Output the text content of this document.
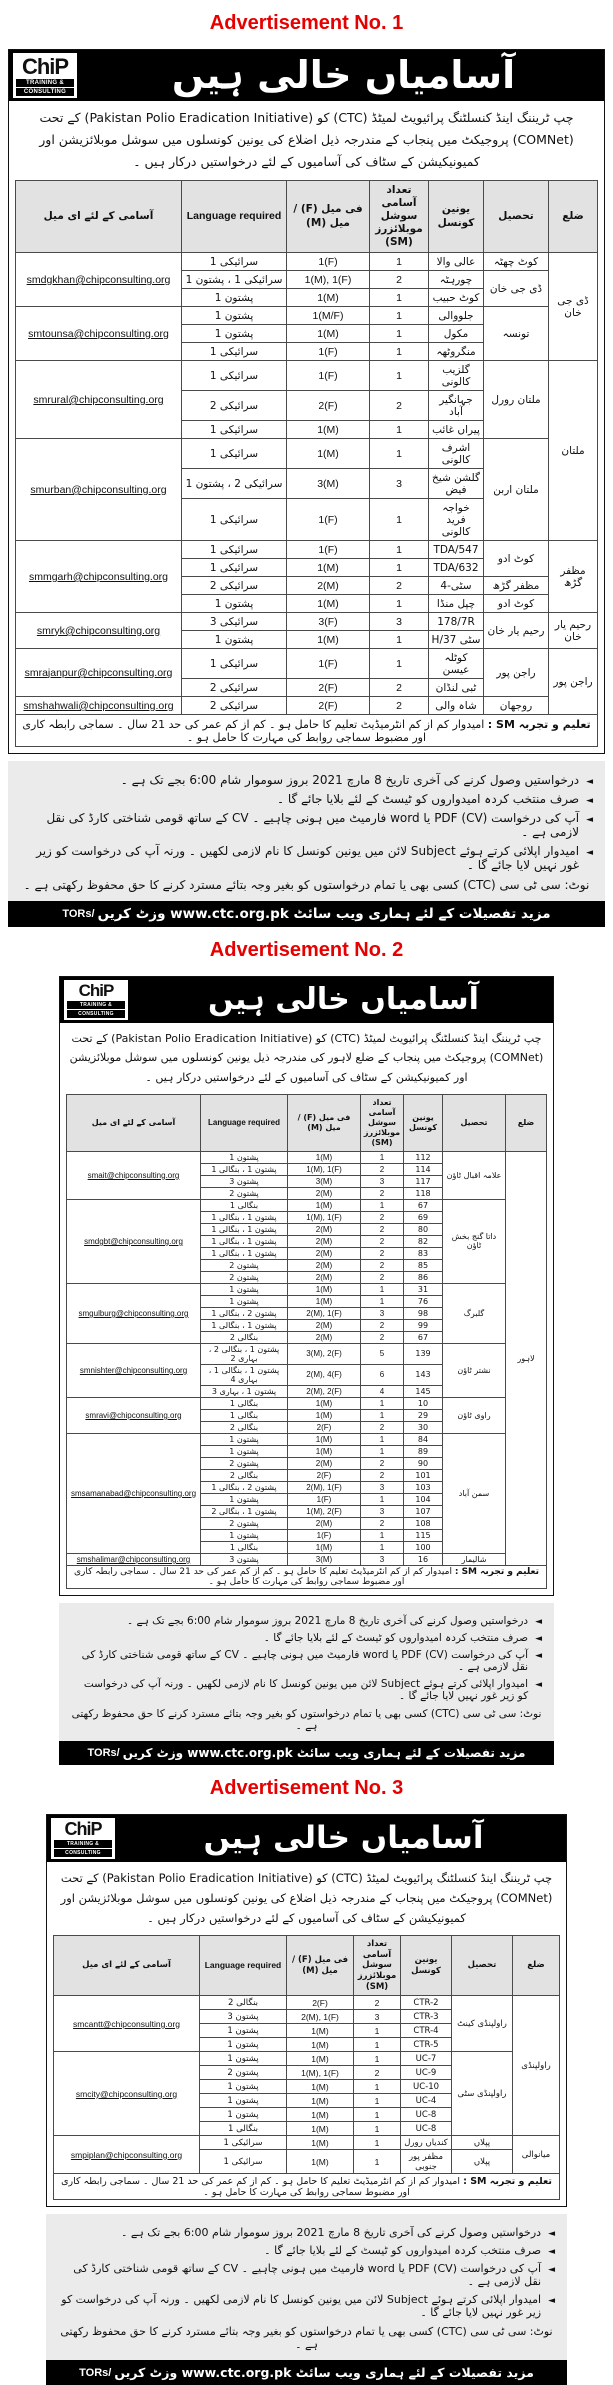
Advertisement No. 1
ChiP
TRAINING &
CONSULTING	آسامیاں خالی ہیں
چپ ٹریننگ اینڈ کنسلٹنگ پرائیویٹ لمیٹڈ (CTC) کو (Pakistan Polio Eradication Initiative) کے تحت (COMNet) پروجیکٹ میں پنجاب کے مندرجہ ذیل اضلاع کی یونین کونسلوں میں سوشل موبلائزیشن اور کمیونیکیشن کے سٹاف کی آسامیوں کے لئے درخواستیں درکار ہیں ۔
ضلع	تحصیل	یونین کونسل	تعداد آسامی سوشل موبلائزرز (SM)	فی میل (F) / میل (M)	Language required	آسامی کے لئے ای میل
ڈی جی خان	کوٹ چھٹہ	عالی والا	1	1(F)	سرائیکی 1	smdgkhan@chipconsulting.org
	ڈی جی خان	چورہٹہ	2	1(M), 1(F)	سرائیکی 1 ، پشتون 1	
		کوٹ حبیب	1	1(M)	پشتون 1	
	تونسہ	جلووالی	1	1(M/F)	پشتون 1	smtounsa@chipconsulting.org
		مکول	1	1(M)	پشتون 1	
		منگروٹھہ	1	1(F)	سرائیکی 1	
ملتان	ملتان رورل	گلزیب کالونی	1	1(F)	سرائیکی 1	smrural@chipconsulting.org
		جہانگیر آباد	2	2(F)	سرائیکی 2	
		پیراں غائب	1	1(M)	سرائیکی 1	
	ملتان اربن	اشرف کالونی	1	1(M)	سرائیکی 1	smurban@chipconsulting.org
		گلشن شیخ فیض	3	3(M)	سرائیکی 2 ، پشتون 1	
		خواجہ فرید کالونی	1	1(F)	سرائیکی 1	
مظفر گڑھ	کوٹ ادو	547/TDA	1	1(F)	سرائیکی 1	smmgarh@chipconsulting.org
		632/TDA	1	1(M)	سرائیکی 1	
	مظفر گڑھ	سٹی-4	2	2(M)	سرائیکی 2	
	کوٹ ادو	چپل منڈا	1	1(M)	پشتون 1	
رحیم یار خان	رحیم یار خان	178/7R	3	3(F)	سرائیکی 3	smryk@chipconsulting.org
		سٹی 37/H	1	1(M)	پشتون 1	
راجن پور	راجن پور	کوٹلہ عیسن	1	1(F)	سرائیکی 1	smrajanpur@chipconsulting.org
		ٹبی لنڈان	2	2(F)	سرائیکی 2	
	روجھان	شاہ والی	2	2(F)	سرائیکی 2	smshahwali@chipconsulting.org
تعلیم و تجربہ SM : امیدوار کم از کم انٹرمیڈیٹ تعلیم کا حامل ہو ۔ کم از کم عمر کی حد 21 سال ۔ سماجی رابطہ کاری اور مضبوط سماجی روابط کی مہارت کا حامل ہو ۔						
◄
درخواستیں وصول کرنے کی آخری تاریخ 8 مارچ 2021 بروز سوموار شام 6:00 بجے تک ہے ۔
◄
صرف منتخب کردہ امیدواروں کو ٹیسٹ کے لئے بلایا جائے گا ۔
◄
آپ کی درخواست (CV) PDF یا word فارمیٹ میں ہونی چاہیے ۔ CV کے ساتھ قومی شناختی کارڈ کی نقل لازمی ہے ۔
◄
امیدوار اپلائی کرتے ہوئے Subject لائن میں یونین کونسل کا نام لازمی لکھیں ۔ ورنہ آپ کی درخواست کو زیر غور نہیں لایا جائے گا ۔
نوٹ: سی ٹی سی (CTC) کسی بھی یا تمام درخواستوں کو بغیر وجہ بتائے مسترد کرنے کا حق محفوظ رکھتی ہے ۔
TORs/ مزید تفصیلات کے لئے ہماری ویب سائٹ www.ctc.org.pk وزٹ کریں
Advertisement No. 2
ChiP
TRAINING &
CONSULTING	آسامیاں خالی ہیں
چپ ٹریننگ اینڈ کنسلٹنگ پرائیویٹ لمیٹڈ (CTC) کو (Pakistan Polio Eradication Initiative) کے تحت (COMNet) پروجیکٹ میں پنجاب کے ضلع لاہور کی مندرجہ ذیل یونین کونسلوں میں سوشل موبلائزیشن اور کمیونیکیشن کے سٹاف کی آسامیوں کے لئے درخواستیں درکار ہیں ۔
ضلع	تحصیل	یونین کونسل	تعداد آسامی سوشل موبلائزرز (SM)	فی میل (F) / میل (M)	Language required	آسامی کے لئے ای میل
لاہور	علامہ اقبال ٹاؤن	112	1	1(M)	پشتون 1	smait@chipconsulting.org
		114	2	1(M), 1(F)	پشتون 1 ، بنگالی 1	
		117	3	3(M)	پشتون 3	
		118	2	2(M)	پشتون 2	
	داتا گنج بخش ٹاؤن	67	1	1(M)	بنگالی 1	smdgbt@chipconsulting.org
		69	2	1(M), 1(F)	پشتون 1 ، بنگالی 1	
		80	2	2(M)	پشتون 1 ، بنگالی 1	
		82	2	2(M)	پشتون 1 ، بنگالی 1	
		83	2	2(M)	پشتون 1 ، بنگالی 1	
		85	2	2(M)	پشتون 2	
		86	2	2(M)	پشتون 2	
	گلبرگ	31	1	1(M)	پشتون 1	smgulburg@chipconsulting.org
		76	1	1(M)	پشتون 1	
		98	3	2(M), 1(F)	پشتون 2 ، بنگالی 1	
		99	2	2(M)	پشتون 1 ، بنگالی 1	
		67	2	2(M)	بنگالی 2	
	نشتر ٹاؤن	139	5	3(M), 2(F)	پشتون 1 ، بنگالی 2 ، بہاری 2	smnishter@chipconsulting.org
		143	6	2(M), 4(F)	پشتون 1 ، بنگالی 1 ، بہاری 4	
		145	4	2(M), 2(F)	پشتون 1 ، بہاری 3	
	راوی ٹاؤن	10	1	1(M)	بنگالی 1	smravi@chipconsulting.org
		29	1	1(M)	بنگالی 1	
		30	2	2(F)	بنگالی 2	
	سمن آباد	84	1	1(M)	پشتون 1	smsamanabad@chipconsulting.org
		89	1	1(M)	پشتون 1	
		90	2	2(M)	پشتون 2	
		101	2	2(F)	بنگالی 2	
		103	3	2(M), 1(F)	پشتون 2 ، بنگالی 1	
		104	1	1(F)	پشتون 1	
		107	3	1(M), 2(F)	پشتون 1 ، بنگالی 2	
		108	2	2(M)	پشتون 2	
		115	1	1(F)	پشتون 1	
		100	1	1(M)	بنگالی 1	
	شالیمار	16	3	3(M)	پشتون 3	smshalimar@chipconsulting.org
تعلیم و تجربہ SM : امیدوار کم از کم انٹرمیڈیٹ تعلیم کا حامل ہو ۔ کم از کم عمر کی حد 21 سال ۔ سماجی رابطہ کاری اور مضبوط سماجی روابط کی مہارت کا حامل ہو ۔						
◄
درخواستیں وصول کرنے کی آخری تاریخ 8 مارچ 2021 بروز سوموار شام 6:00 بجے تک ہے ۔
◄
صرف منتخب کردہ امیدواروں کو ٹیسٹ کے لئے بلایا جائے گا ۔
◄
آپ کی درخواست (CV) PDF یا word فارمیٹ میں ہونی چاہیے ۔ CV کے ساتھ قومی شناختی کارڈ کی نقل لازمی ہے ۔
◄
امیدوار اپلائی کرتے ہوئے Subject لائن میں یونین کونسل کا نام لازمی لکھیں ۔ ورنہ آپ کی درخواست کو زیر غور نہیں لایا جائے گا ۔
نوٹ: سی ٹی سی (CTC) کسی بھی یا تمام درخواستوں کو بغیر وجہ بتائے مسترد کرنے کا حق محفوظ رکھتی ہے ۔
TORs/ مزید تفصیلات کے لئے ہماری ویب سائٹ www.ctc.org.pk وزٹ کریں
Advertisement No. 3
ChiP
TRAINING &
CONSULTING	آسامیاں خالی ہیں
چپ ٹریننگ اینڈ کنسلٹنگ پرائیویٹ لمیٹڈ (CTC) کو (Pakistan Polio Eradication Initiative) کے تحت (COMNet) پروجیکٹ میں پنجاب کے مندرجہ ذیل اضلاع کی یونین کونسلوں میں سوشل موبلائزیشن اور کمیونیکیشن کے سٹاف کی آسامیوں کے لئے درخواستیں درکار ہیں ۔
ضلع	تحصیل	یونین کونسل	تعداد آسامی سوشل موبلائزرز (SM)	فی میل (F) / میل (M)	Language required	آسامی کے لئے ای میل
راولپنڈی	راولپنڈی کینٹ	CTR-2	2	2(F)	بنگالی 2	smcantt@chipconsulting.org
		CTR-3	3	2(M), 1(F)	پشتون 3	
		CTR-4	1	1(M)	پشتون 1	
		CTR-5	1	1(M)	پشتون 1	
	راولپنڈی سٹی	UC-7	1	1(M)	پشتون 1	smcity@chipconsulting.org
		UC-9	2	1(M), 1(F)	پشتون 2	
		UC-10	1	1(M)	پشتون 1	
		UC-4	1	1(M)	پشتون 1	
		UC-8	1	1(M)	پشتون 1	
		UC-8	1	1(M)	بنگالی 1	
میانوالی	پپلاں	کندیاں رورل	1	1(M)	سرائیکی 1	smpiplan@chipconsulting.org
	پپلاں	مظفر پور جنوبی	1	1(M)	سرائیکی 1	
تعلیم و تجربہ SM : امیدوار کم از کم انٹرمیڈیٹ تعلیم کا حامل ہو ۔ کم از کم عمر کی حد 21 سال ۔ سماجی رابطہ کاری اور مضبوط سماجی روابط کی مہارت کا حامل ہو ۔						
◄
درخواستیں وصول کرنے کی آخری تاریخ 8 مارچ 2021 بروز سوموار شام 6:00 بجے تک ہے ۔
◄
صرف منتخب کردہ امیدواروں کو ٹیسٹ کے لئے بلایا جائے گا ۔
◄
آپ کی درخواست (CV) PDF یا word فارمیٹ میں ہونی چاہیے ۔ CV کے ساتھ قومی شناختی کارڈ کی نقل لازمی ہے ۔
◄
امیدوار اپلائی کرتے ہوئے Subject لائن میں یونین کونسل کا نام لازمی لکھیں ۔ ورنہ آپ کی درخواست کو زیر غور نہیں لایا جائے گا ۔
نوٹ: سی ٹی سی (CTC) کسی بھی یا تمام درخواستوں کو بغیر وجہ بتائے مسترد کرنے کا حق محفوظ رکھتی ہے ۔
TORs/ مزید تفصیلات کے لئے ہماری ویب سائٹ www.ctc.org.pk وزٹ کریں
